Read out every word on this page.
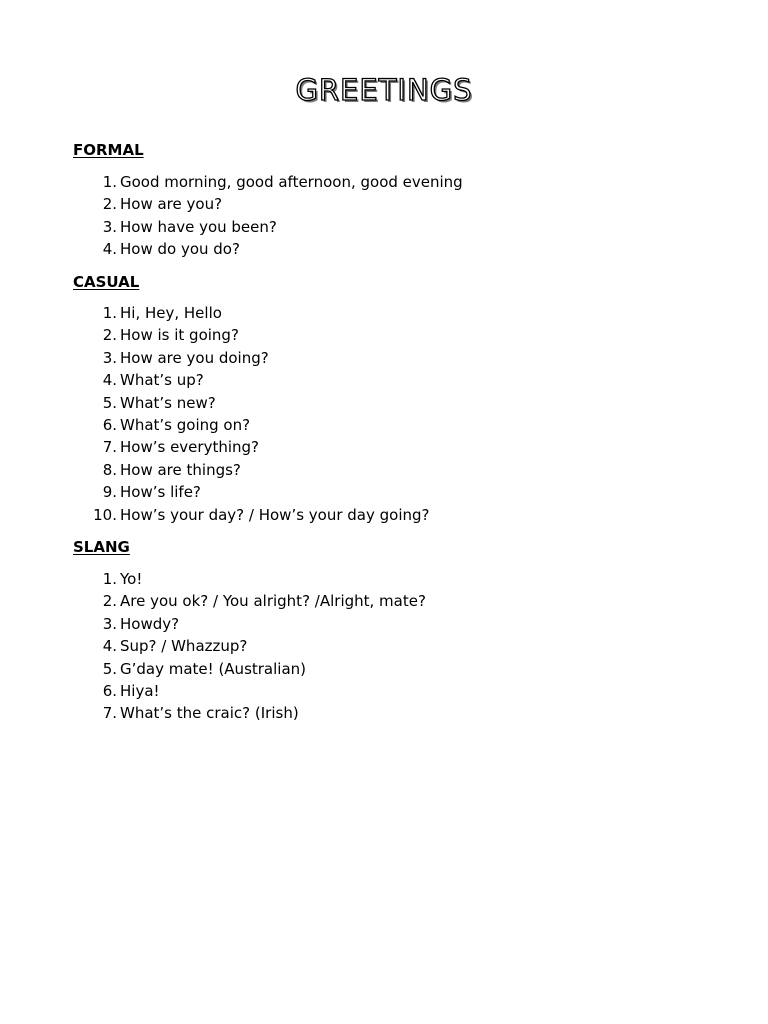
GREETINGS
FORMAL
1. Good morning, good afternoon, good evening
2. How are you?
3. How have you been?
4. How do you do?
CASUAL
1. Hi, Hey, Hello
2. How is it going?
3. How are you doing?
4. What’s up?
5. What’s new?
6. What’s going on?
7. How’s everything?
8. How are things?
9. How’s life?
10. How’s your day? / How’s your day going?
SLANG
1. Yo!
2. Are you ok? / You alright? /Alright, mate?
3. Howdy?
4. Sup? / Whazzup?
5. G’day mate! (Australian)
6. Hiya!
7. What’s the craic? (Irish)
